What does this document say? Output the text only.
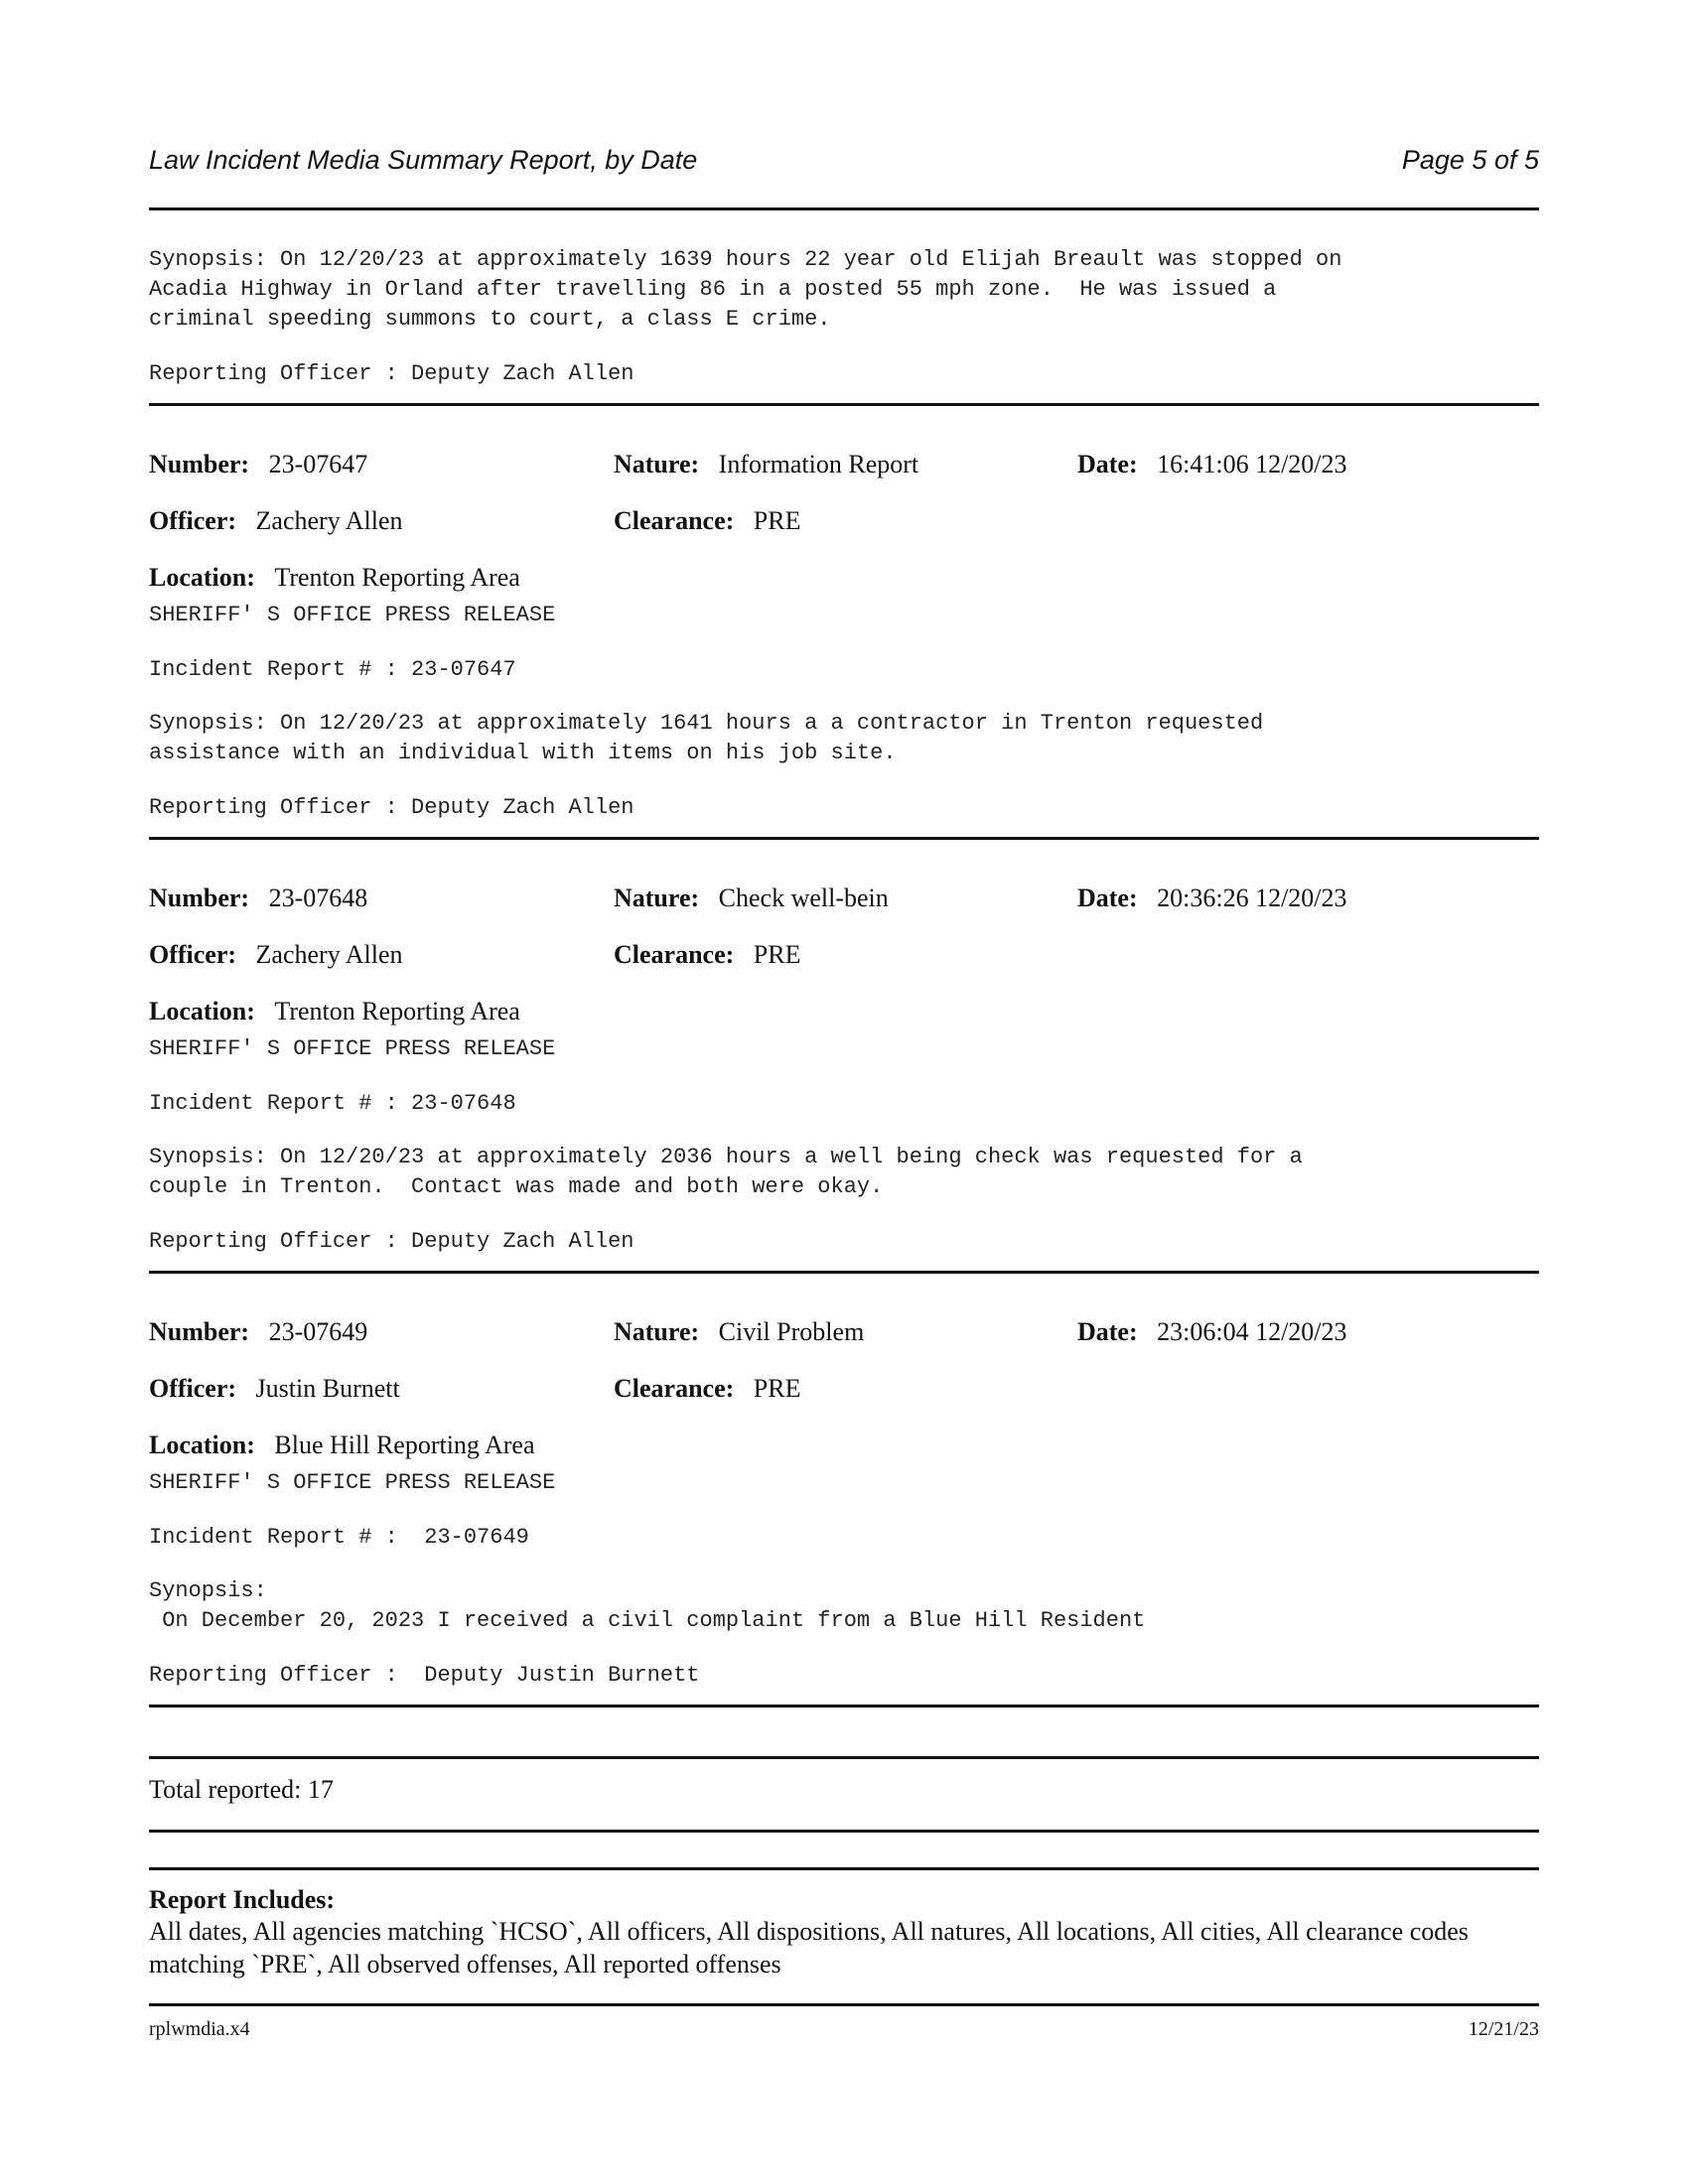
Law Incident Media Summary Report, by Date	Page 5 of 5
Synopsis: On 12/20/23 at approximately 1639 hours 22 year old Elijah Breault was stopped on
Acadia Highway in Orland after travelling 86 in a posted 55 mph zone.  He was issued a
criminal speeding summons to court, a class E crime.
Reporting Officer : Deputy Zach Allen
Number: 23-07647	Nature: Information Report	Date: 16:41:06 12/20/23
Officer: Zachery Allen	Clearance: PRE
Location: Trenton Reporting Area
SHERIFF' S OFFICE PRESS RELEASE
Incident Report # : 23-07647
Synopsis: On 12/20/23 at approximately 1641 hours a a contractor in Trenton requested
assistance with an individual with items on his job site.
Reporting Officer : Deputy Zach Allen
Number: 23-07648	Nature: Check well-bein	Date: 20:36:26 12/20/23
Officer: Zachery Allen	Clearance: PRE
Location: Trenton Reporting Area
SHERIFF' S OFFICE PRESS RELEASE
Incident Report # : 23-07648
Synopsis: On 12/20/23 at approximately 2036 hours a well being check was requested for a
couple in Trenton.  Contact was made and both were okay.
Reporting Officer : Deputy Zach Allen
Number: 23-07649	Nature: Civil Problem	Date: 23:06:04 12/20/23
Officer: Justin Burnett	Clearance: PRE
Location: Blue Hill Reporting Area
SHERIFF' S OFFICE PRESS RELEASE
Incident Report # :  23-07649
Synopsis:
On December 20, 2023 I received a civil complaint from a Blue Hill Resident
Reporting Officer :  Deputy Justin Burnett
Total reported: 17
Report Includes:
All dates, All agencies matching `HCSO`, All officers, All dispositions, All natures, All locations, All cities, All clearance codes matching `PRE`, All observed offenses, All reported offenses
rplwmdia.x4	12/21/23
